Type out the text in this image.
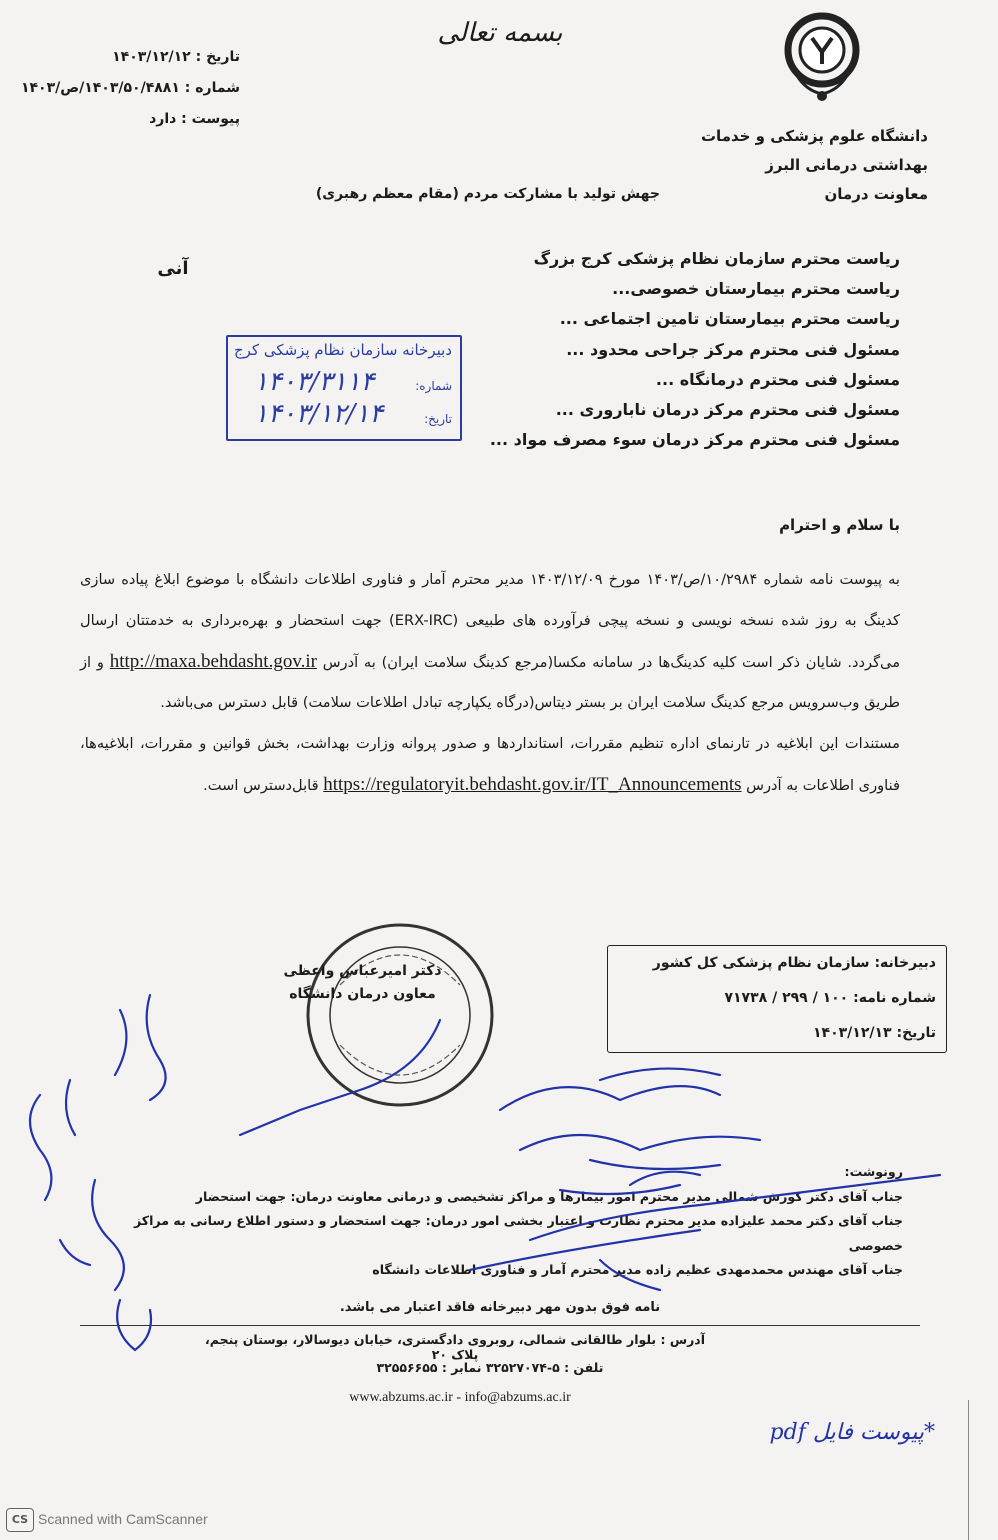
بسمه تعالی
دانشگاه علوم پزشکی و خدمات
بهداشتی درمانی البرز
معاونت درمان
تاریخ : ۱۴۰۳/۱۲/۱۲
شماره : ۱۴۰۳/۵۰/۴۸۸۱/ص/۱۴۰۳
پیوست : دارد
جهش تولید با مشارکت مردم (مقام معظم رهبری)
ریاست محترم سازمان نظام پزشکی کرج بزرگ
ریاست محترم بیمارستان خصوصی...
ریاست محترم بیمارستان تامین اجتماعی ...
مسئول فنی محترم مرکز جراحی محدود ...
مسئول فنی محترم درمانگاه ...
مسئول فنی محترم مرکز درمان ناباروری ...
مسئول فنی محترم مرکز درمان سوء مصرف مواد ...
آنی
دبیرخانه سازمان نظام پزشکی کرج
شماره:
۱۴۰۳/۳۱۱۴
تاریخ:
۱۴۰۳/۱۲/۱۴
با سلام و احترام

به پیوست نامه شماره ۱۰/۲۹۸۴/ص/۱۴۰۳ مورخ ۱۴۰۳/۱۲/۰۹ مدیر محترم آمار و فناوری اطلاعات دانشگاه با موضوع ابلاغ پیاده سازی کدینگ به روز شده نسخه نویسی و نسخه پیچی فرآورده های طبیعی (ERX-IRC) جهت استحضار و بهره‌برداری به خدمتتان ارسال می‌گردد. شایان ذکر است کلیه کدینگ‌ها در سامانه مکسا(مرجع کدینگ سلامت ایران) به آدرس http://maxa.behdasht.gov.ir و از طریق وب‌سرویس مرجع کدینگ سلامت ایران بر بستر دیتاس(درگاه یکپارچه تبادل اطلاعات سلامت) قابل دسترس می‌باشد.

مستندات این ابلاغیه در تارنمای اداره تنظیم مقررات، استانداردها و صدور پروانه وزارت بهداشت، بخش قوانین و مقررات، ابلاغیه‌ها، فناوری اطلاعات به آدرس https://regulatoryit.behdasht.gov.ir/IT_Announcements قابل‌دسترس است.

دکتر امیرعباس واعظی
معاون درمان دانشگاه
دبیرخانه: سازمان نظام پزشکی کل کشور
شماره نامه: ۱۰۰ / ۲۹۹ / ۷۱۷۳۸
تاریخ: ۱۴۰۳/۱۲/۱۳
رونوشت:
جناب آقای دکتر کورش شمالی مدیر محترم امور بیمارها و مراکز تشخیصی و درمانی معاونت درمان: جهت استحضار
جناب آقای دکتر محمد علیزاده مدیر محترم نظارت و اعتبار بخشی امور درمان: جهت استحضار و دستور اطلاع رسانی به مراکز خصوصی
جناب آقای مهندس محمدمهدی عظیم زاده مدیر محترم آمار و فناوری اطلاعات دانشگاه
نامه فوق بدون مهر دبیرخانه فاقد اعتبار می باشد.
آدرس : بلوار طالقانی شمالی، روبروی دادگستری، خیابان دیوسالار، بوستان پنجم، پلاک ۲۰
تلفن : ۵-۳۲۵۲۷۰۷۴ نمابر : ۳۲۵۵۶۶۵۵
www.abzums.ac.ir - info@abzums.ac.ir
*پیوست فایل pdf
CS Scanned with CamScanner
